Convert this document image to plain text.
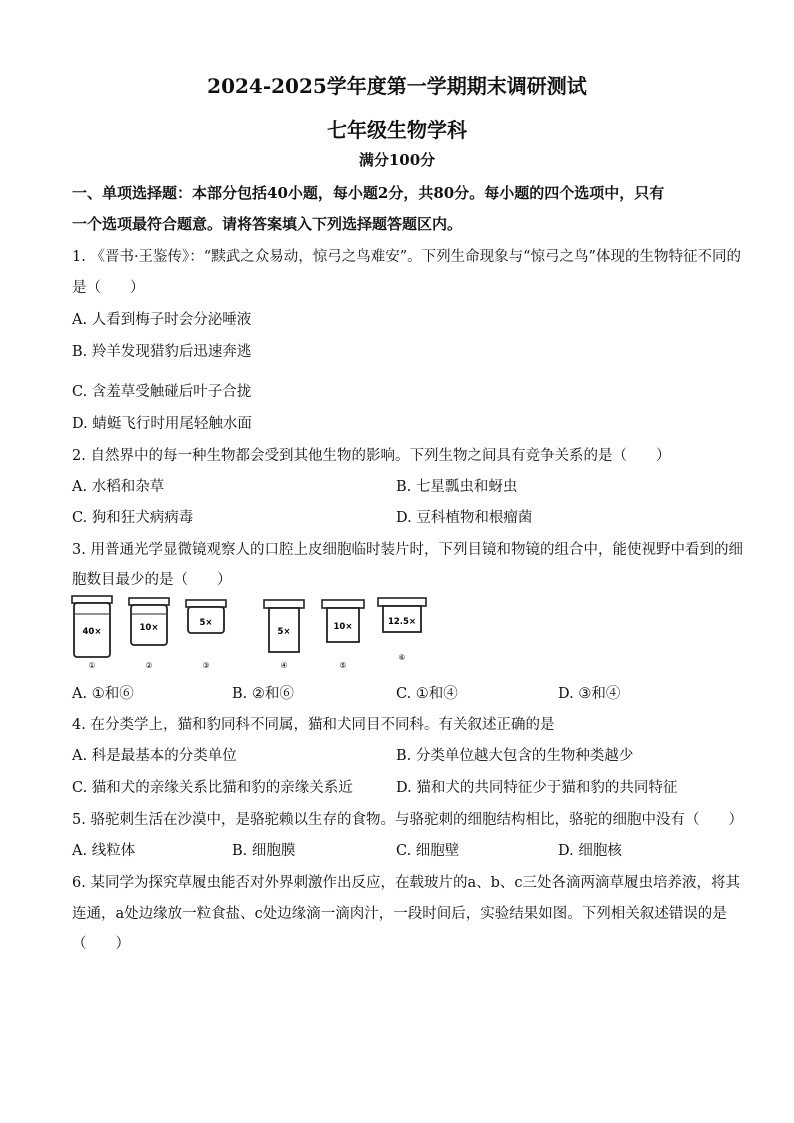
2024-2025学年度第一学期期末调研测试
七年级生物学科
满分100分
一、单项选择题：本部分包括40小题，每小题2分，共80分。每小题的四个选项中，只有
一个选项最符合题意。请将答案填入下列选择题答题区内。
1. 《晋书·王鉴传》：“黩武之众易动，惊弓之鸟难安”。下列生命现象与“惊弓之鸟”体现的生物特征不同的
是（　　）
A. 人看到梅子时会分泌唾液
B. 羚羊发现猎豹后迅速奔逃
C. 含羞草受触碰后叶子合拢
D. 蜻蜓飞行时用尾轻触水面
2. 自然界中的每一种生物都会受到其他生物的影响。下列生物之间具有竞争关系的是（　　）
A. 水稻和杂草	B. 七星瓢虫和蚜虫
C. 狗和狂犬病病毒	D. 豆科植物和根瘤菌
3. 用普通光学显微镜观察人的口腔上皮细胞临时装片时，下列目镜和物镜的组合中，能使视野中看到的细
胞数目最少的是（　　）
40×
①
10×
②
5×
③
5×
④
10×
⑤
12.5×
⑥
A. ①和⑥	B. ②和⑥	C. ①和④	D. ③和④
4. 在分类学上，猫和豹同科不同属，猫和犬同目不同科。有关叙述正确的是
A. 科是最基本的分类单位	B. 分类单位越大包含的生物种类越少
C. 猫和犬的亲缘关系比猫和豹的亲缘关系近	D. 猫和犬的共同特征少于猫和豹的共同特征
5. 骆驼刺生活在沙漠中，是骆驼赖以生存的食物。与骆驼刺的细胞结构相比，骆驼的细胞中没有（　　）
A. 线粒体	B. 细胞膜	C. 细胞壁	D. 细胞核
6. 某同学为探究草履虫能否对外界刺激作出反应，在载玻片的a、b、c三处各滴两滴草履虫培养液，将其
连通，a处边缘放一粒食盐、c处边缘滴一滴肉汁，一段时间后，实验结果如图。下列相关叙述错误的是
（　　）
